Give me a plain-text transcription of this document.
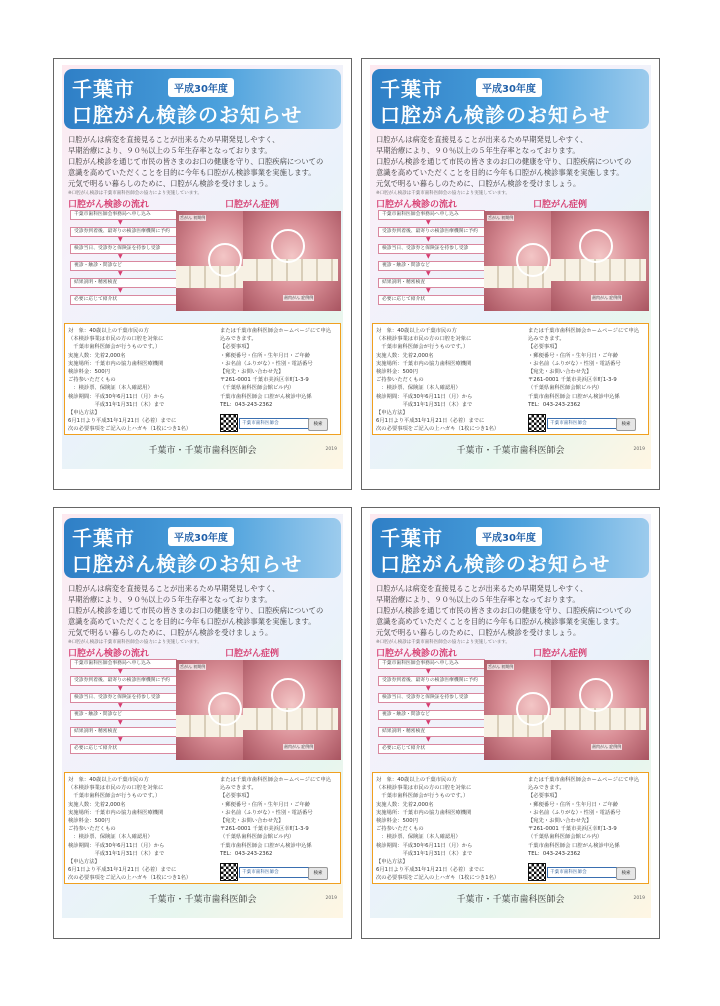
千葉市	平成30年度
口腔がん検診のお知らせ
口腔がんは病変を直接見ることが出来るため早期発見しやすく、
早期治療により、９０％以上の５年生存率となっております。
口腔がん検診を通じて市民の皆さまのお口の健康を守り、口腔疾病についての
意識を高めていただくことを目的に今年も口腔がん検診事業を実施します。
元気で明るい暮らしのために、口腔がん検診を受けましょう。
※口腔がん検診は千葉市歯科医師会の協力により実施しています。
口腔がん検診の流れ	口腔がん症例
千葉市歯科医師会事務局へ申し込み
▼
受診券到着後、最寄りの検診医療機関に予約
▼
検診当日、受診券と保険証を持参し受診
▼
視診・触診・問診など
▼
結果説明・精密検査
▼
必要に応じて紹介状
舌がん 初期例
歯肉がん 症例例
対　象：40歳以上の千葉市民の方
（本検診事業は市民の方の口腔を対象に
　千葉市歯科医師会が行うものです。）
実施人数：先着2,000名
実施場所：千葉市内の協力歯科医療機関
検診料金：500円
ご持参いただくもの
　：検診票、保険証（本人確認用）
検診期間：平成30年6月11日（月）から
　　　　　平成31年1月31日（木）まで
【申込方法】
6月1日より平成31年1月21日（必着）までに
次の必要事項をご記入の上ハガキ（1枚につき1名）
または千葉市歯科医師会ホームページにて申込
込みできます。
【必要事項】
・郵便番号・住所・生年月日・ご年齢
・お名前（ふりがな）・性別・電話番号
【宛先・お問い合わせ先】
〒261-0001 千葉市美浜区幸町1-3-9
（千葉県歯科医師会館ビル内）
千葉市歯科医師会 口腔がん検診申込係
TEL：043-243-2362
千葉市歯科医師会	検索
千葉市・千葉市歯科医師会	2019
千葉市	平成30年度
口腔がん検診のお知らせ
口腔がんは病変を直接見ることが出来るため早期発見しやすく、
早期治療により、９０％以上の５年生存率となっております。
口腔がん検診を通じて市民の皆さまのお口の健康を守り、口腔疾病についての
意識を高めていただくことを目的に今年も口腔がん検診事業を実施します。
元気で明るい暮らしのために、口腔がん検診を受けましょう。
※口腔がん検診は千葉市歯科医師会の協力により実施しています。
口腔がん検診の流れ	口腔がん症例
千葉市歯科医師会事務局へ申し込み
▼
受診券到着後、最寄りの検診医療機関に予約
▼
検診当日、受診券と保険証を持参し受診
▼
視診・触診・問診など
▼
結果説明・精密検査
▼
必要に応じて紹介状
舌がん 初期例
歯肉がん 症例例
対　象：40歳以上の千葉市民の方
（本検診事業は市民の方の口腔を対象に
　千葉市歯科医師会が行うものです。）
実施人数：先着2,000名
実施場所：千葉市内の協力歯科医療機関
検診料金：500円
ご持参いただくもの
　：検診票、保険証（本人確認用）
検診期間：平成30年6月11日（月）から
　　　　　平成31年1月31日（木）まで
【申込方法】
6月1日より平成31年1月21日（必着）までに
次の必要事項をご記入の上ハガキ（1枚につき1名）
または千葉市歯科医師会ホームページにて申込
込みできます。
【必要事項】
・郵便番号・住所・生年月日・ご年齢
・お名前（ふりがな）・性別・電話番号
【宛先・お問い合わせ先】
〒261-0001 千葉市美浜区幸町1-3-9
（千葉県歯科医師会館ビル内）
千葉市歯科医師会 口腔がん検診申込係
TEL：043-243-2362
千葉市歯科医師会	検索
千葉市・千葉市歯科医師会	2019
千葉市	平成30年度
口腔がん検診のお知らせ
口腔がんは病変を直接見ることが出来るため早期発見しやすく、
早期治療により、９０％以上の５年生存率となっております。
口腔がん検診を通じて市民の皆さまのお口の健康を守り、口腔疾病についての
意識を高めていただくことを目的に今年も口腔がん検診事業を実施します。
元気で明るい暮らしのために、口腔がん検診を受けましょう。
※口腔がん検診は千葉市歯科医師会の協力により実施しています。
口腔がん検診の流れ	口腔がん症例
千葉市歯科医師会事務局へ申し込み
▼
受診券到着後、最寄りの検診医療機関に予約
▼
検診当日、受診券と保険証を持参し受診
▼
視診・触診・問診など
▼
結果説明・精密検査
▼
必要に応じて紹介状
舌がん 初期例
歯肉がん 症例例
対　象：40歳以上の千葉市民の方
（本検診事業は市民の方の口腔を対象に
　千葉市歯科医師会が行うものです。）
実施人数：先着2,000名
実施場所：千葉市内の協力歯科医療機関
検診料金：500円
ご持参いただくもの
　：検診票、保険証（本人確認用）
検診期間：平成30年6月11日（月）から
　　　　　平成31年1月31日（木）まで
【申込方法】
6月1日より平成31年1月21日（必着）までに
次の必要事項をご記入の上ハガキ（1枚につき1名）
または千葉市歯科医師会ホームページにて申込
込みできます。
【必要事項】
・郵便番号・住所・生年月日・ご年齢
・お名前（ふりがな）・性別・電話番号
【宛先・お問い合わせ先】
〒261-0001 千葉市美浜区幸町1-3-9
（千葉県歯科医師会館ビル内）
千葉市歯科医師会 口腔がん検診申込係
TEL：043-243-2362
千葉市歯科医師会	検索
千葉市・千葉市歯科医師会	2019
千葉市	平成30年度
口腔がん検診のお知らせ
口腔がんは病変を直接見ることが出来るため早期発見しやすく、
早期治療により、９０％以上の５年生存率となっております。
口腔がん検診を通じて市民の皆さまのお口の健康を守り、口腔疾病についての
意識を高めていただくことを目的に今年も口腔がん検診事業を実施します。
元気で明るい暮らしのために、口腔がん検診を受けましょう。
※口腔がん検診は千葉市歯科医師会の協力により実施しています。
口腔がん検診の流れ	口腔がん症例
千葉市歯科医師会事務局へ申し込み
▼
受診券到着後、最寄りの検診医療機関に予約
▼
検診当日、受診券と保険証を持参し受診
▼
視診・触診・問診など
▼
結果説明・精密検査
▼
必要に応じて紹介状
舌がん 初期例
歯肉がん 症例例
対　象：40歳以上の千葉市民の方
（本検診事業は市民の方の口腔を対象に
　千葉市歯科医師会が行うものです。）
実施人数：先着2,000名
実施場所：千葉市内の協力歯科医療機関
検診料金：500円
ご持参いただくもの
　：検診票、保険証（本人確認用）
検診期間：平成30年6月11日（月）から
　　　　　平成31年1月31日（木）まで
【申込方法】
6月1日より平成31年1月21日（必着）までに
次の必要事項をご記入の上ハガキ（1枚につき1名）
または千葉市歯科医師会ホームページにて申込
込みできます。
【必要事項】
・郵便番号・住所・生年月日・ご年齢
・お名前（ふりがな）・性別・電話番号
【宛先・お問い合わせ先】
〒261-0001 千葉市美浜区幸町1-3-9
（千葉県歯科医師会館ビル内）
千葉市歯科医師会 口腔がん検診申込係
TEL：043-243-2362
千葉市歯科医師会	検索
千葉市・千葉市歯科医師会	2019
